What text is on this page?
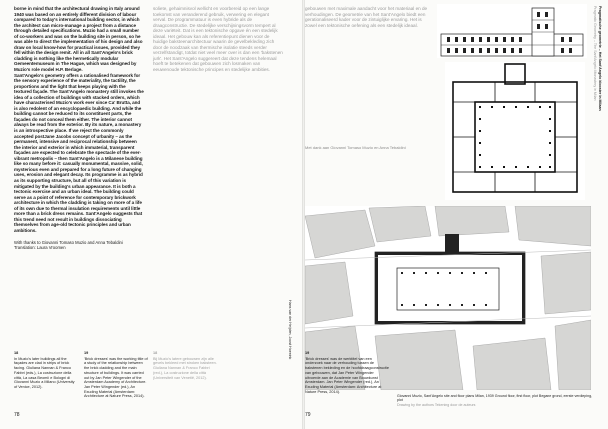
borne in mind that the architectural drawing in Italy around 1940 was based on an entirely different division of labour compared to today's international building sector, in which the architect can micro-manage a project from a distance through detailed specifications. Muzio had a small number of co-workers and was on the building site in person, so he was able to direct the implementation of his design and also draw on local know-how for practical issues, provided they fell within the design remit. All in all Sant'Angelo's brick cladding is nothing like the hermetically modular Gemeentemuseum in The Hague, which was designed by Muzio's role model H.P. Berlage.

Sant'Angelo's geometry offers a rationalised framework for the sensory experience of the materiality, the tactility, the proportions and the light that keeps playing with the textured façade. The Sant'Angelo monastery still invokes the idea of a collection of buildings with stacked orders, which have characterised Muzio's work ever since Ca' Brutta, and is also redolent of an encyclopaedic building. And while the building cannot be reduced to its constituent parts, the façades do not conceal them either. The interior cannot always be read from the exterior. By its nature, a monastery is an introspective place. If we reject the commonly accepted postJane Jacobs concept of urbanity – as the permanent, intensive and reciprocal relationship between the interior and exterior in which immaterial, transparent façades are expected to celebrate the spectacle of the ever-vibrant metropolis – then Sant'Angelo is a Milanese building like so many before it: casually monumental, massive, solid, mysterious even and prepared for a long future of changing uses, erosion and elegant decay. Its programme is as hybrid as its supporting structure, but all of this variation is mitigated by the building's urban appearance. It is both a tectonic exercise and an urban ideal. The building could serve as a point of reference for contemporary brickwork architecture in which the cladding is taking on more of a life of its own due to thermal insulation requirements until little more than a brick dress remains. Sant'Angelo suggests that this trend need not result in buildings dissociating themselves from age-old tectonic principles and urban ambitions.

With thanks to Giovanni Tomaso Muzio and Anna Tebaldini
Translation: Laura Vroomen

soliete, gehaimnisvol wellicht en voorbereid op een lange toekomst van veranderend gebruik, verwering en elegant verval. De programmatuur is even hybride als de draagconstructie. De stedelijke verschijningsvorm tempert al deze variëteit. Dat is een tektonische opgave én een stedelijk ideaal. Het gebouw kan als referentiepunt dienen voor de huidige baksteenarchitectuur waarin de gevelbekleding zich door de noodzaak van thermische isolatie steeds verder verzelfstandigt, totdat niet veel meer over is dan een 'bakstenen jurk'. Het Sant'Angelo suggereert dat deze tendens helemaal hoeft te betekenen dat gebouwen zich losmaken van eeuwenoude tektonische principes en stedelijke ambities.

18
In Muzio's later buildings all the façades are clad in strips of brick facing. Giuliana Nannan & Franco Fabbri (eds.), La costruzione della città, La casa Beomiì e Bologni di Giovanni Muzio a Milano (University of Venice, 2012).
19
'Brick dresses' was the working title of a study of the relationship between the brick cladding and the main structure of buildings. It was carried out by Jan Peter Wingender of the Amsterdam Academy of Architecture. Jan Peter Wingender (ed.), An Exuding Material (Amsterdam: Architecture at Nature Press, 2014).
18
Bij Muzio's latere gebouwen zijn alle gevels bekleed met stroken baksteen. Giuliana Nannan & Franco Fabbri (red.), La costruzione della città (Universiteit van Venetië, 2012).
Hans van der Heijden, Joost Hoenink
78

gebouwen met maximale aandacht voor het materiaal en de verhoudingen. De geometrie van het Sant'Angelo biedt een gerationaliseerd kader voor de zintuiglijke ervaring. Het is zowel een tektonische oefening als een stedelijk ideaal.

Met dank aan Giovanni Tomaso Muzio en Anna Tebaldini
19
'Brick dresses' was de werktitel van een onderzoek naar de verhouding tussen de bakstenen bekleding en de hoofddraagconstructie van gebouwen, dat Jan Peter Wingender uitvoerde aan de Academie van Bouwkunst Amsterdam. Jan Peter Wingender (red.), An Exuding Material (Amsterdam: Architecture at Nature Press, 2014).
Giovanni Muzio, Sant'Angelo site and floor plans Milan, 1939 Ground floor, first floor, plot Begane grond, eerste verdieping, plot
Drawing by the authors Tekening door de auteurs
Pragmatische geometrie – Het Sant'Angelo klooster in Milaan
Pragmatic Geometry – The Sant'Angelo Monastery in Milan
79
